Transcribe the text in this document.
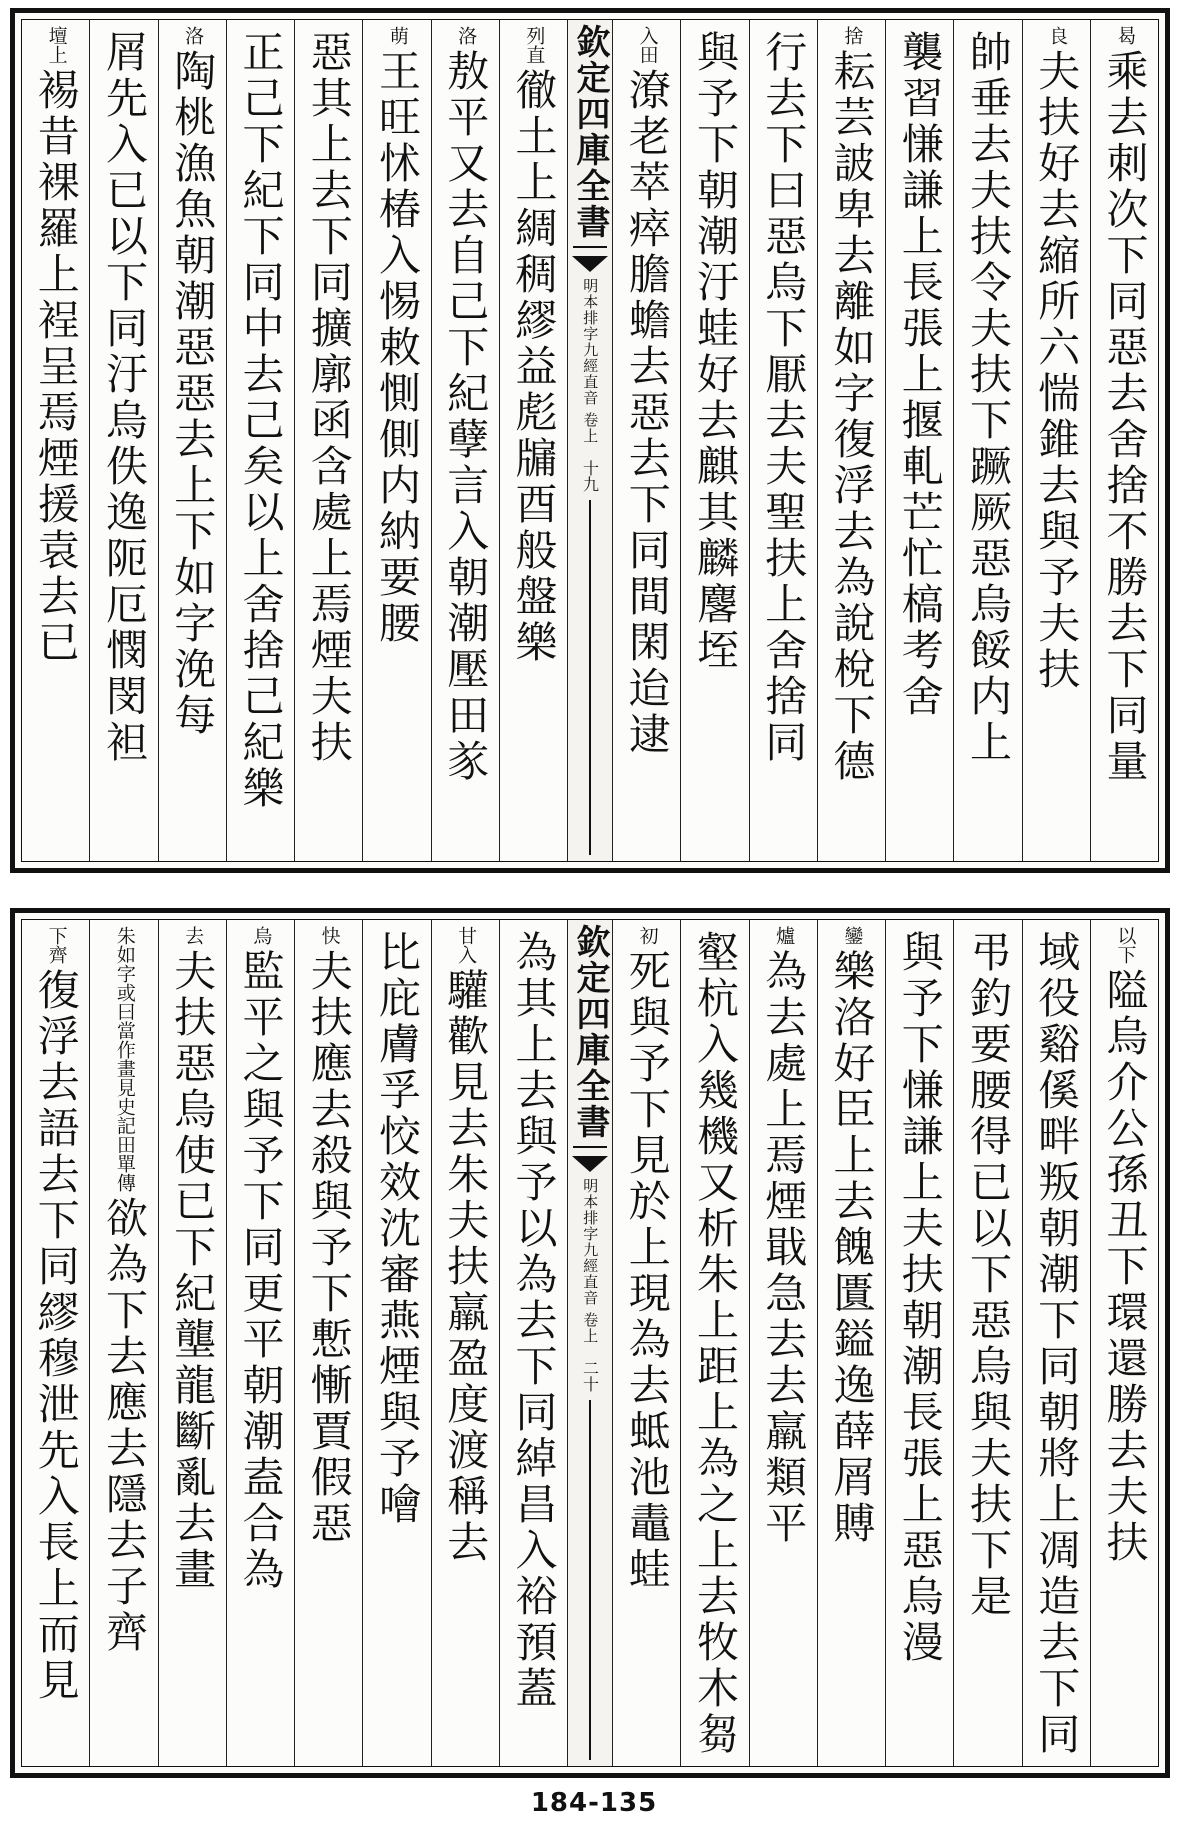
曷
乘去刺次下同惡去舍捨不勝去下同量
良
夫扶好去縮所六惴錐去與予夫扶
帥垂去夫扶令夫扶下蹶厥惡烏餒内上
襲習慊謙上長張上揠軋芒忙槁考舍
捨
耘芸詖卑去離如字復浮去為說梲下德
行去下曰惡烏下厭去夫聖扶上舍捨同
與予下朝潮汙蛙好去麒其麟麐垤
入田
潦老萃瘁膽蟾去惡去下同間閑迨逮
欽定四庫全書
明本排字九經直音 卷上
十九
列直
徹土上綢稠繆益彪牖酉般盤樂
洛
敖平又去自己下紀孽言入朝潮壓田㒸
萌
王旺怵椿入惕敕惻側内納要腰
惡其上去下同擴廓函含處上焉煙夫扶
正己下紀下同中去己矣以上舍捨己紀樂
洛
陶桃漁魚朝潮惡惡去上下如字浼每
屑先入已以下同汙烏佚逸阨厄憫閔袒
壇上
裼昔裸羅上裎呈焉煙援袁去已
以下
隘烏介公孫丑下環還勝去夫扶
域役谿傒畔叛朝潮下同朝將上凋造去下同
弔釣要腰得已以下惡烏與夫扶下是
與予下慊謙上夫扶朝潮長張上惡烏漫
鑾
樂洛好臣上去餽匱鎰逸薛屑賻
爐
為去處上焉煙戢急去去羸類平
壑杭入幾機又析朱上距上為之上去牧木芻
初
死與予下見於上現為去蚳池鼃蛙
欽定四庫全書
明本排字九經直音 卷上
二十
為其上去與予以為去下同綽昌入裕預蓋
甘入
驩歡見去朱夫扶羸盈度渡稱去
比庇膚孚恔效沈審燕煙與予噲
快
夫扶應去殺與予下慙慚賈假惡
烏
監平之與予下同更平朝潮盍合為
去
夫扶惡烏使已下紀壟龍斷亂去畫
朱如字或曰當作畫見史記田單傳
欲為下去應去隱去子齊
下齊
復浮去語去下同繆穆泄先入長上而見
184-135
